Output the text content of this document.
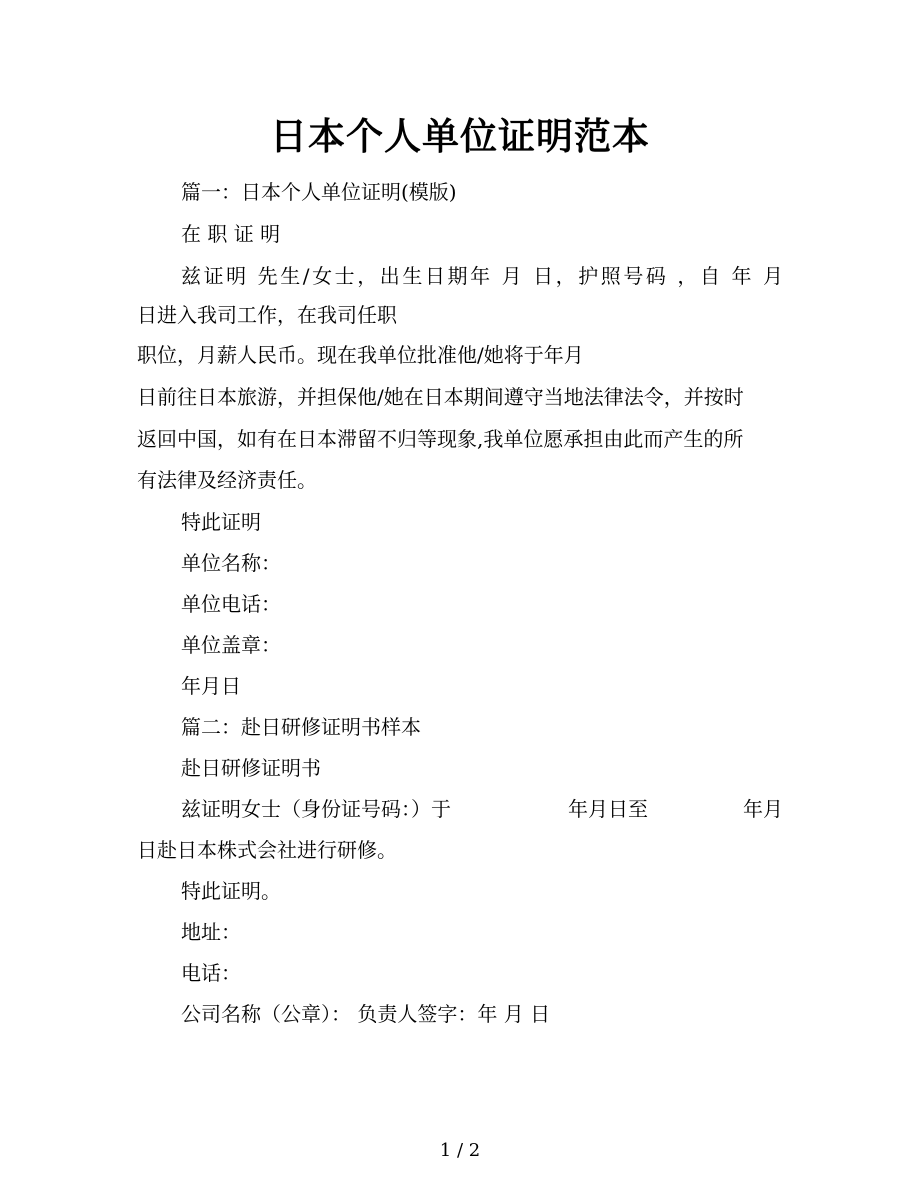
日本个人单位证明范本
篇一：日本个人单位证明(模版)
在 职 证 明
兹证明 先生/女士，出生日期年 月 日，护照号码 ，自 年 月
日进入我司工作，在我司任职
职位，月薪人民币。现在我单位批准他/她将于年月
日前往日本旅游，并担保他/她在日本期间遵守当地法律法令，并按时
返回中国，如有在日本滞留不归等现象,我单位愿承担由此而产生的所
有法律及经济责任。
特此证明
单位名称：
单位电话：
单位盖章：
年月日
篇二：赴日研修证明书样本
赴日研修证明书
兹证明女士（身份证号码：）于	年月日至	年月
日赴日本株式会社进行研修。
特此证明。
地址：
电话：
公司名称（公章）： 负责人签字：年 月 日
1 / 2
